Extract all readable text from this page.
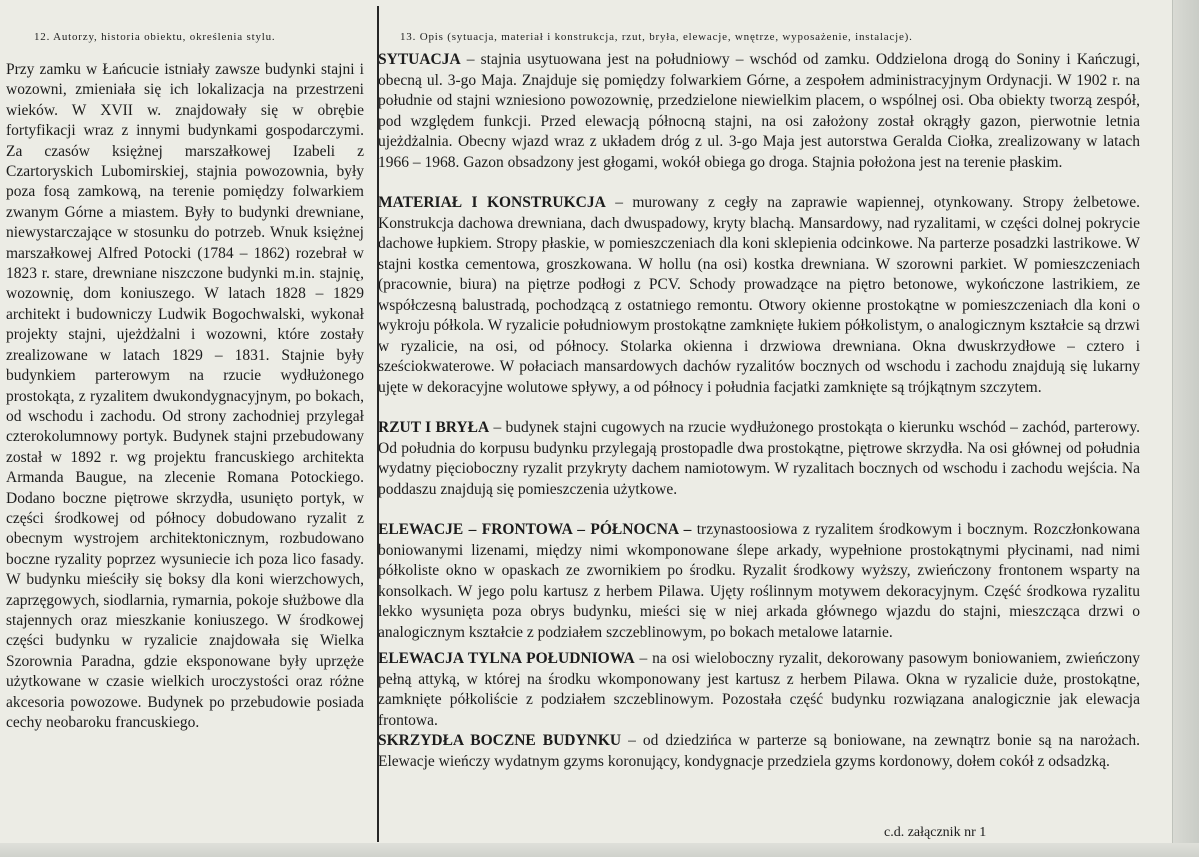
12. Autorzy, historia obiektu, określenia stylu.	13. Opis (sytuacja, materiał i konstrukcja, rzut, bryła, elewacje, wnętrze, wyposażenie, instalacje).

Przy zamku w Łańcucie istniały zawsze budynki stajni i wozowni, zmieniała się ich lokalizacja na przestrzeni wieków. W XVII w. znajdowały się w obrębie fortyfikacji wraz z innymi budynkami gospodarczymi. Za czasów księżnej marszałkowej Izabeli z Czartoryskich Lubomirskiej, stajnia powozownia, były poza fosą zamkową, na terenie pomiędzy folwarkiem zwanym Górne a miastem. Były to budynki drewniane, niewystarczające w stosunku do potrzeb. Wnuk księżnej marszałkowej Alfred Potocki (1784 – 1862) rozebrał w 1823 r. stare, drewniane niszczone budynki m.in. stajnię, wozownię, dom koniuszego. W latach 1828 – 1829 architekt i budowniczy Ludwik Bogochwalski, wykonał projekty stajni, ujeżdżalni i wozowni, które zostały zrealizowane w latach 1829 – 1831. Stajnie były budynkiem parterowym na rzucie wydłużonego prostokąta, z ryzalitem dwukondygnacyjnym, po bokach, od wschodu i zachodu. Od strony zachodniej przylegał czterokolumnowy portyk. Budynek stajni przebudowany został w 1892 r. wg projektu francuskiego architekta Armanda Baugue, na zlecenie Romana Potockiego. Dodano boczne piętrowe skrzydła, usunięto portyk, w części środkowej od północy dobudowano ryzalit z obecnym wystrojem architektonicznym, rozbudowano boczne ryzality poprzez wysuniecie ich poza lico fasady. W budynku mieściły się boksy dla koni wierzchowych, zaprzęgowych, siodlarnia, rymarnia, pokoje służbowe dla stajennych oraz mieszkanie koniuszego. W środkowej części budynku w ryzalicie znajdowała się Wielka Szorownia Paradna, gdzie eksponowane były uprzęże użytkowane w czasie wielkich uroczystości oraz różne akcesoria powozowe. Budynek po przebudowie posiada cechy neobaroku francuskiego.

SYTUACJA – stajnia usytuowana jest na południowy – wschód od zamku. Oddzielona drogą do Soniny i Kańczugi, obecną ul. 3-go Maja. Znajduje się pomiędzy folwarkiem Górne, a zespołem administracyjnym Ordynacji. W 1902 r. na południe od stajni wzniesiono powozownię, przedzielone niewielkim placem, o wspólnej osi. Oba obiekty tworzą zespół, pod względem funkcji. Przed elewacją północną stajni, na osi założony został okrągły gazon, pierwotnie letnia ujeżdżalnia. Obecny wjazd wraz z układem dróg z ul. 3-go Maja jest autorstwa Geralda Ciołka, zrealizowany w latach 1966 – 1968. Gazon obsadzony jest głogami, wokół obiega go droga. Stajnia położona jest na terenie płaskim.

MATERIAŁ I KONSTRUKCJA – murowany z cegły na zaprawie wapiennej, otynkowany. Stropy żelbetowe. Konstrukcja dachowa drewniana, dach dwuspadowy, kryty blachą. Mansardowy, nad ryzalitami, w części dolnej pokrycie dachowe łupkiem. Stropy płaskie, w pomieszczeniach dla koni sklepienia odcinkowe. Na parterze posadzki lastrikowe. W stajni kostka cementowa, groszkowana. W hollu (na osi) kostka drewniana. W szorowni parkiet. W pomieszczeniach (pracownie, biura) na piętrze podłogi z PCV. Schody prowadzące na piętro betonowe, wykończone lastrikiem, ze współczesną balustradą, pochodzącą z ostatniego remontu. Otwory okienne prostokątne w pomieszczeniach dla koni o wykroju półkola. W ryzalicie południowym prostokątne zamknięte łukiem półkolistym, o analogicznym kształcie są drzwi w ryzalicie, na osi, od północy. Stolarka okienna i drzwiowa drewniana. Okna dwuskrzydłowe – cztero i sześciokwaterowe. W połaciach mansardowych dachów ryzalitów bocznych od wschodu i zachodu znajdują się lukarny ujęte w dekoracyjne wolutowe spływy, a od północy i południa facjatki zamknięte są trójkątnym szczytem.

RZUT I BRYŁA – budynek stajni cugowych na rzucie wydłużonego prostokąta o kierunku wschód – zachód, parterowy. Od południa do korpusu budynku przylegają prostopadle dwa prostokątne, piętrowe skrzydła. Na osi głównej od południa wydatny pięcioboczny ryzalit przykryty dachem namiotowym. W ryzalitach bocznych od wschodu i zachodu wejścia. Na poddaszu znajdują się pomieszczenia użytkowe.

ELEWACJE – FRONTOWA – PÓŁNOCNA – trzynastoosiowa z ryzalitem środkowym i bocznym. Rozczłonkowana boniowanymi lizenami, między nimi wkomponowane ślepe arkady, wypełnione prostokątnymi płycinami, nad nimi półkoliste okno w opaskach ze zwornikiem po środku. Ryzalit środkowy wyższy, zwieńczony frontonem wsparty na konsolkach. W jego polu kartusz z herbem Pilawa. Ujęty roślinnym motywem dekoracyjnym. Część środkowa ryzalitu lekko wysunięta poza obrys budynku, mieści się w niej arkada głównego wjazdu do stajni, mieszcząca drzwi o analogicznym kształcie z podziałem szczeblinowym, po bokach metalowe latarnie.

ELEWACJA TYLNA POŁUDNIOWA – na osi wieloboczny ryzalit, dekorowany pasowym boniowaniem, zwieńczony pełną attyką, w której na środku wkomponowany jest kartusz z herbem Pilawa. Okna w ryzalicie duże, prostokątne, zamknięte półkoliście z podziałem szczeblinowym. Pozostała część budynku rozwiązana analogicznie jak elewacja frontowa.

SKRZYDŁA BOCZNE BUDYNKU – od dziedzińca w parterze są boniowane, na zewnątrz bonie są na narożach. Elewacje wieńczy wydatnym gzyms koronujący, kondygnacje przedziela gzyms kordonowy, dołem cokół z odsadzką.

c.d. załącznik nr 1
